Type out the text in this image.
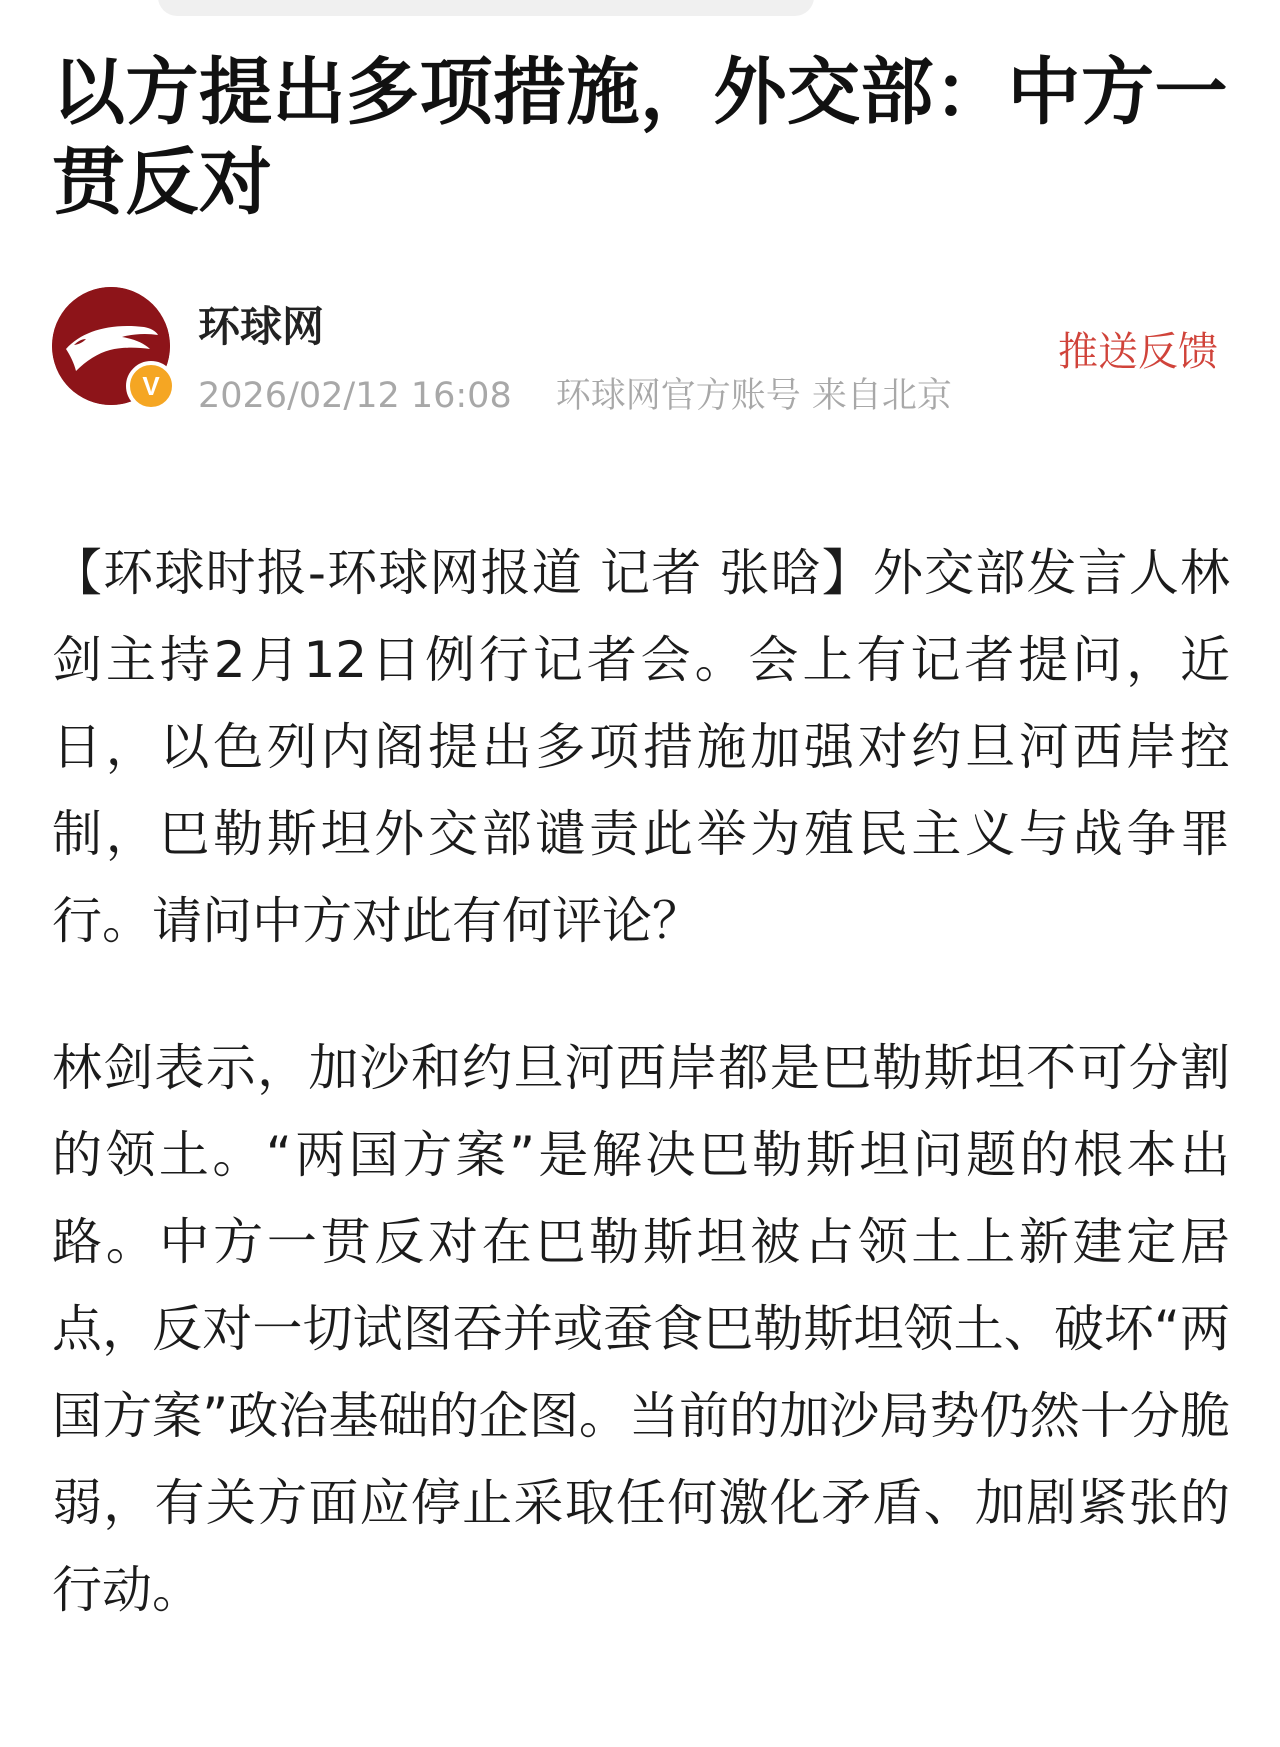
以方提出多项措施，外交部：中方一贯反对
V
环球网
2026/02/12 16:08 环球网官方账号 来自北京
推送反馈

【环球时报-环球网报道 记者 张晗】外交部发言人林剑主持2月12日例行记者会。会上有记者提问，近日，以色列内阁提出多项措施加强对约旦河西岸控制，巴勒斯坦外交部谴责此举为殖民主义与战争罪行。请问中方对此有何评论？

林剑表示，加沙和约旦河西岸都是巴勒斯坦不可分割的领土。“两国方案”是解决巴勒斯坦问题的根本出路。中方一贯反对在巴勒斯坦被占领土上新建定居点，反对一切试图吞并或蚕食巴勒斯坦领土、破坏“两国方案”政治基础的企图。当前的加沙局势仍然十分脆弱，有关方面应停止采取任何激化矛盾、加剧紧张的行动。
